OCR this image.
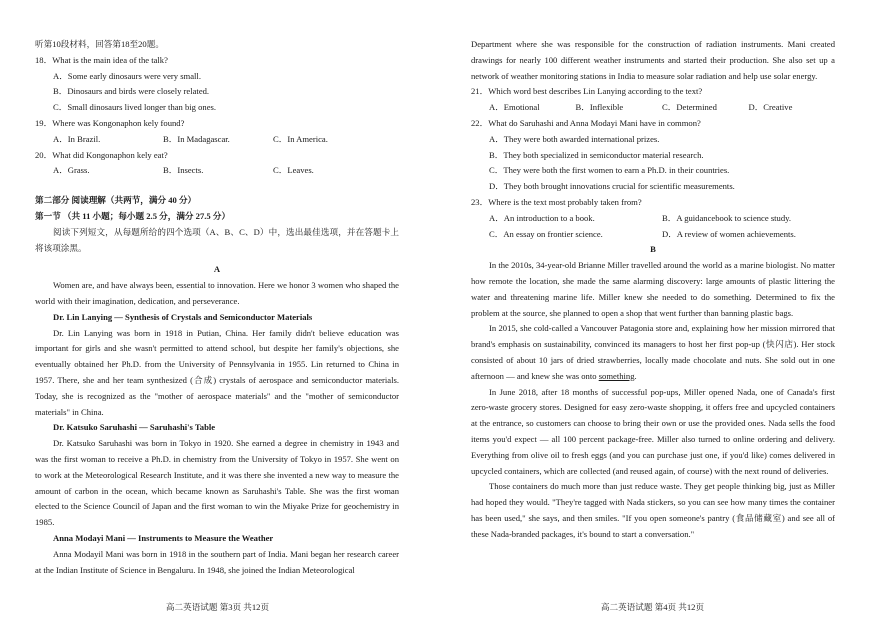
听第10段材料，回答第18至20题。

18．What is the main idea of the talk?

A．Some early dinosaurs were very small.

B．Dinosaurs and birds were closely related.

C．Small dinosaurs lived longer than big ones.

19．Where was Kongonaphon kely found?

A．In Brazil.	B．In Madagascar.	C．In America.

20．What did Kongonaphon kely eat?

A．Grass.	B．Insects.	C．Leaves.

第二部分 阅读理解（共两节，满分 40 分）

第一节 （共 11 小题；每小题 2.5 分，满分 27.5 分）

阅读下列短文，从每题所给的四个选项（A、B、C、D）中，选出最佳选项，并在答题卡上将该项涂黑。

A

Women are, and have always been, essential to innovation. Here we honor 3 women who shaped the world with their imagination, dedication, and perseverance.

Dr. Lin Lanying — Synthesis of Crystals and Semiconductor Materials

Dr. Lin Lanying was born in 1918 in Putian, China. Her family didn't believe education was important for girls and she wasn't permitted to attend school, but despite her family's objections, she eventually obtained her Ph.D. from the University of Pennsylvania in 1955. Lin returned to China in 1957. There, she and her team synthesized (合成) crystals of aerospace and semiconductor materials. Today, she is recognized as the "mother of aerospace materials" and the "mother of semiconductor materials" in China.

Dr. Katsuko Saruhashi — Saruhashi's Table

Dr. Katsuko Saruhashi was born in Tokyo in 1920. She earned a degree in chemistry in 1943 and was the first woman to receive a Ph.D. in chemistry from the University of Tokyo in 1957. She went on to work at the Meteorological Research Institute, and it was there she invented a new way to measure the amount of carbon in the ocean, which became known as Saruhashi's Table. She was the first woman elected to the Science Council of Japan and the first woman to win the Miyake Prize for geochemistry in 1985.

Anna Modayi Mani — Instruments to Measure the Weather

Anna Modayil Mani was born in 1918 in the southern part of India. Mani began her research career at the Indian Institute of Science in Bengaluru. In 1948, she joined the Indian Meteorological

高二英语试题 第3页 共12页

Department where she was responsible for the construction of radiation instruments. Mani created drawings for nearly 100 different weather instruments and started their production. She also set up a network of weather monitoring stations in India to measure solar radiation and help use solar energy.

21．Which word best describes Lin Lanying according to the text?

A．Emotional	B．Inflexible	C．Determined	D．Creative

22．What do Saruhashi and Anna Modayi Mani have in common?

A．They were both awarded international prizes.

B．They both specialized in semiconductor material research.

C．They were both the first women to earn a Ph.D. in their countries.

D．They both brought innovations crucial for scientific measurements.

23．Where is the text most probably taken from?

A．An introduction to a book.	B．A guidancebook to science study.
C．An essay on frontier science.	D．A review of women achievements.

B

In the 2010s, 34-year-old Brianne Miller travelled around the world as a marine biologist. No matter how remote the location, she made the same alarming discovery: large amounts of plastic littering the water and threatening marine life. Miller knew she needed to do something. Determined to fix the problem at the source, she planned to open a shop that went further than banning plastic bags.

In 2015, she cold-called a Vancouver Patagonia store and, explaining how her mission mirrored that brand's emphasis on sustainability, convinced its managers to host her first pop-up (快闪店). Her stock consisted of about 10 jars of dried strawberries, locally made chocolate and nuts. She sold out in one afternoon — and knew she was onto something.

In June 2018, after 18 months of successful pop-ups, Miller opened Nada, one of Canada's first zero-waste grocery stores. Designed for easy zero-waste shopping, it offers free and upcycled containers at the entrance, so customers can choose to bring their own or use the provided ones. Nada sells the food items you'd expect — all 100 percent package-free. Miller also turned to online ordering and delivery. Everything from olive oil to fresh eggs (and you can purchase just one, if you'd like) comes delivered in upcycled containers, which are collected (and reused again, of course) with the next round of deliveries.

Those containers do much more than just reduce waste. They get people thinking big, just as Miller had hoped they would. "They're tagged with Nada stickers, so you can see how many times the container has been used," she says, and then smiles. "If you open someone's pantry (食品储藏室) and see all of these Nada-branded packages, it's bound to start a conversation."

高二英语试题 第4页 共12页
